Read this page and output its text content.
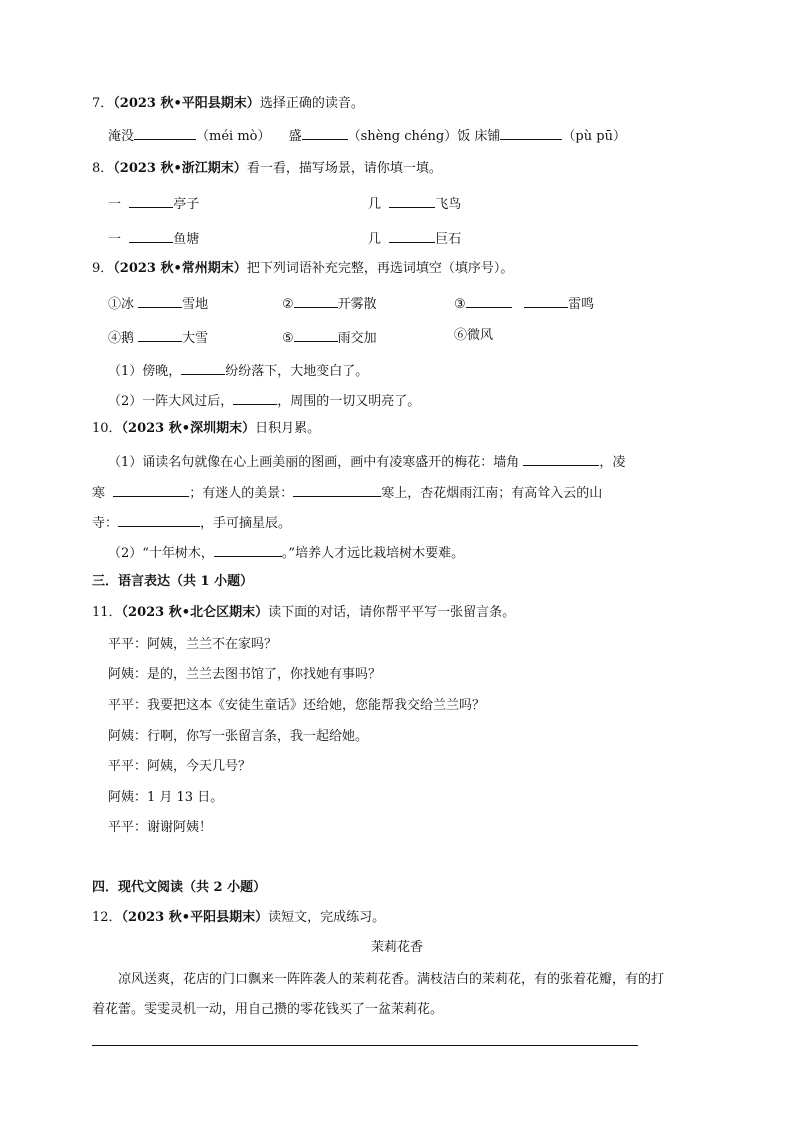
7．（2023 秋•平阳县期末）选择正确的读音。
淹没	（méi mò） 盛	（shèng chéng）饭 床铺	（pù pū）
8．（2023 秋•浙江期末）看一看，描写场景，请你填一填。
一	亭子	几	飞鸟
一	鱼塘	几	巨石
9．（2023 秋•常州期末）把下列词语补充完整，再选词填空（填序号）。
①冰	雪地	②	开雾散	③	雷鸣
④鹅	大雪	⑤	雨交加	⑥微风
（1）傍晚，	纷纷落下，大地变白了。
（2）一阵大风过后，	，周围的一切又明亮了。
10．（2023 秋•深圳期末）日积月累。
（1）诵读名句就像在心上画美丽的图画，画中有凌寒盛开的梅花：墙角	，凌
寒	；有迷人的美景：	寒上，杏花烟雨江南；有高耸入云的山
寺：	，手可摘星辰。
（2）“十年树木，	。”培养人才远比栽培树木要难。
三．语言表达（共 1 小题）
11．（2023 秋•北仑区期末）读下面的对话，请你帮平平写一张留言条。
平平：阿姨，兰兰不在家吗？
阿姨：是的，兰兰去图书馆了，你找她有事吗？
平平：我要把这本《安徒生童话》还给她，您能帮我交给兰兰吗？
阿姨：行啊，你写一张留言条，我一起给她。
平平：阿姨，今天几号？
阿姨：1 月 13 日。
平平：谢谢阿姨！
四．现代文阅读（共 2 小题）
12．（2023 秋•平阳县期末）读短文，完成练习。
茉莉花香
凉风送爽，花店的门口飘来一阵阵袭人的茉莉花香。满枝洁白的茉莉花，有的张着花瓣，有的打
着花蕾。雯雯灵机一动，用自己攒的零花钱买了一盆茉莉花。
